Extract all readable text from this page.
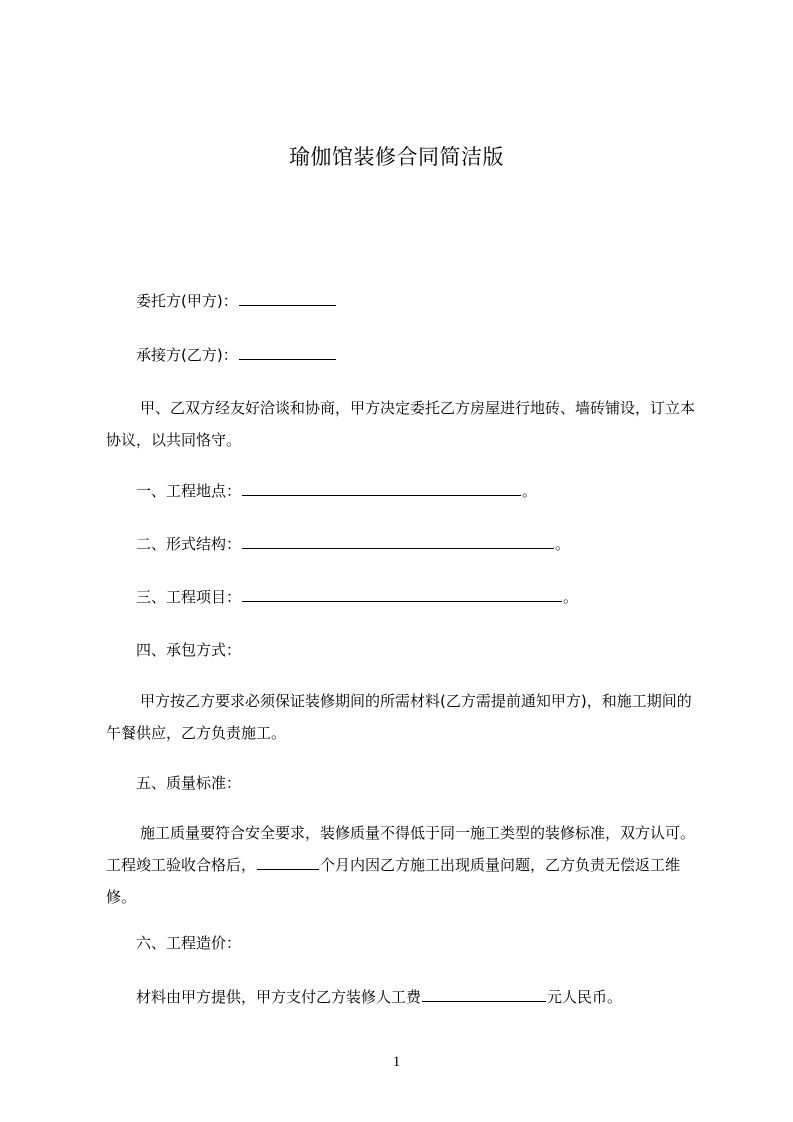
瑜伽馆装修合同简洁版
委托方(甲方)：
承接方(乙方)：
甲、乙双方经友好洽谈和协商，甲方决定委托乙方房屋进行地砖、墙砖铺设，订立本协议，以共同恪守。
一、工程地点：	。
二、形式结构：	。
三、工程项目：	。
四、承包方式：
甲方按乙方要求必须保证装修期间的所需材料(乙方需提前通知甲方)，和施工期间的午餐供应，乙方负责施工。
五、质量标准：
施工质量要符合安全要求，装修质量不得低于同一施工类型的装修标准，双方认可。工程竣工验收合格后，	个月内因乙方施工出现质量问题，乙方负责无偿返工维修。
六、工程造价：
材料由甲方提供，甲方支付乙方装修人工费	元人民币。
1
